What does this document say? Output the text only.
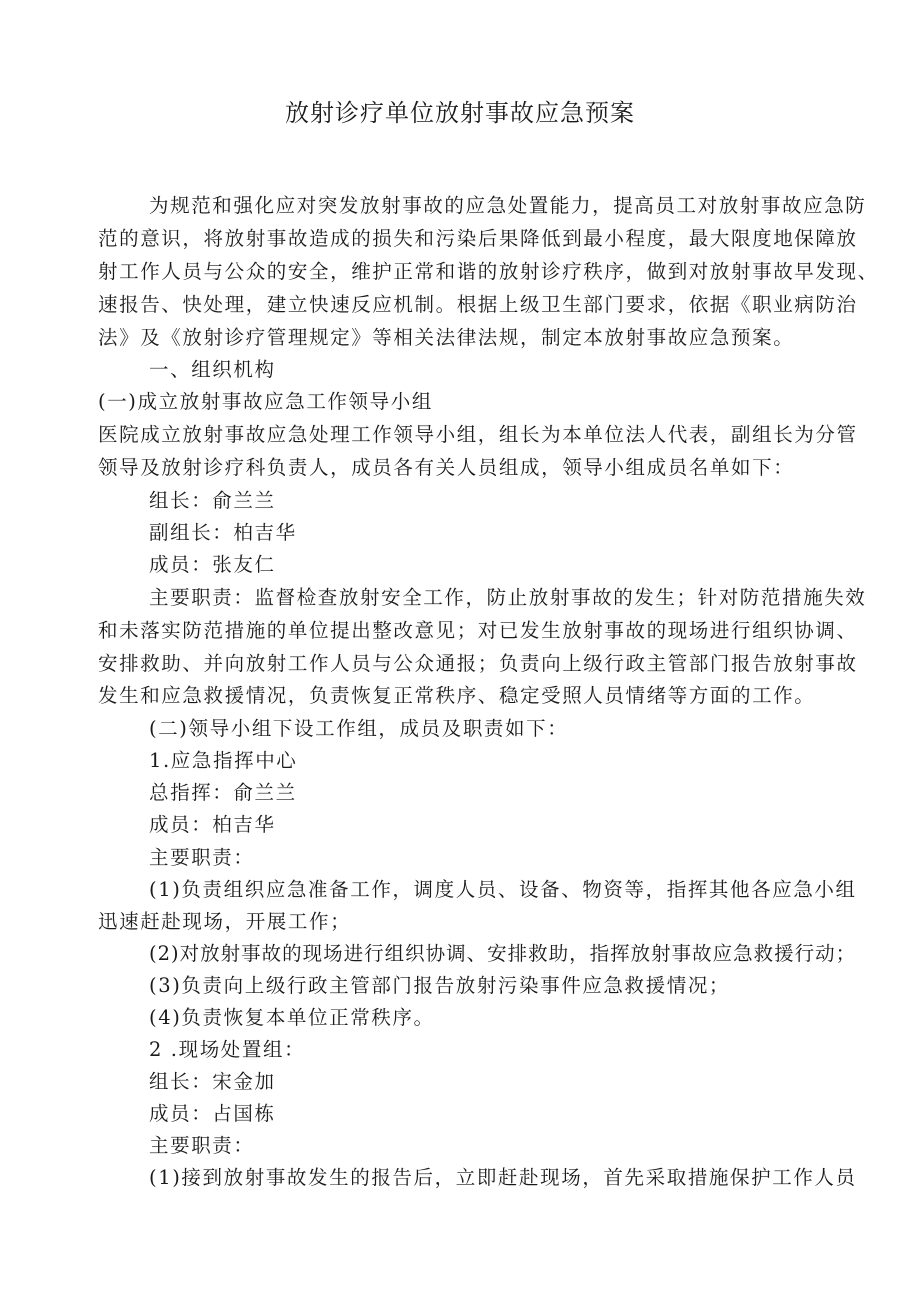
放射诊疗单位放射事故应急预案
为规范和强化应对突发放射事故的应急处置能力，提高员工对放射事故应急防
范的意识，将放射事故造成的损失和污染后果降低到最小程度，最大限度地保障放
射工作人员与公众的安全，维护正常和谐的放射诊疗秩序，做到对放射事故早发现、
速报告、快处理，建立快速反应机制。根据上级卫生部门要求，依据《职业病防治
法》及《放射诊疗管理规定》等相关法律法规，制定本放射事故应急预案。
一、组织机构
(一)成立放射事故应急工作领导小组
医院成立放射事故应急处理工作领导小组，组长为本单位法人代表，副组长为分管
领导及放射诊疗科负责人，成员各有关人员组成，领导小组成员名单如下：
组长：俞兰兰
副组长：柏吉华
成员：张友仁
主要职责：监督检查放射安全工作，防止放射事故的发生；针对防范措施失效
和未落实防范措施的单位提出整改意见；对已发生放射事故的现场进行组织协调、
安排救助、并向放射工作人员与公众通报；负责向上级行政主管部门报告放射事故
发生和应急救援情况，负责恢复正常秩序、稳定受照人员情绪等方面的工作。
(二)领导小组下设工作组，成员及职责如下：
1.应急指挥中心
总指挥：俞兰兰
成员：柏吉华
主要职责：
(1)负责组织应急准备工作，调度人员、设备、物资等，指挥其他各应急小组
迅速赶赴现场，开展工作；
(2)对放射事故的现场进行组织协调、安排救助，指挥放射事故应急救援行动；
(3)负责向上级行政主管部门报告放射污染事件应急救援情况；
(4)负责恢复本单位正常秩序。
2 .现场处置组：
组长：宋金加
成员：占国栋
主要职责：
(1)接到放射事故发生的报告后，立即赶赴现场，首先采取措施保护工作人员
